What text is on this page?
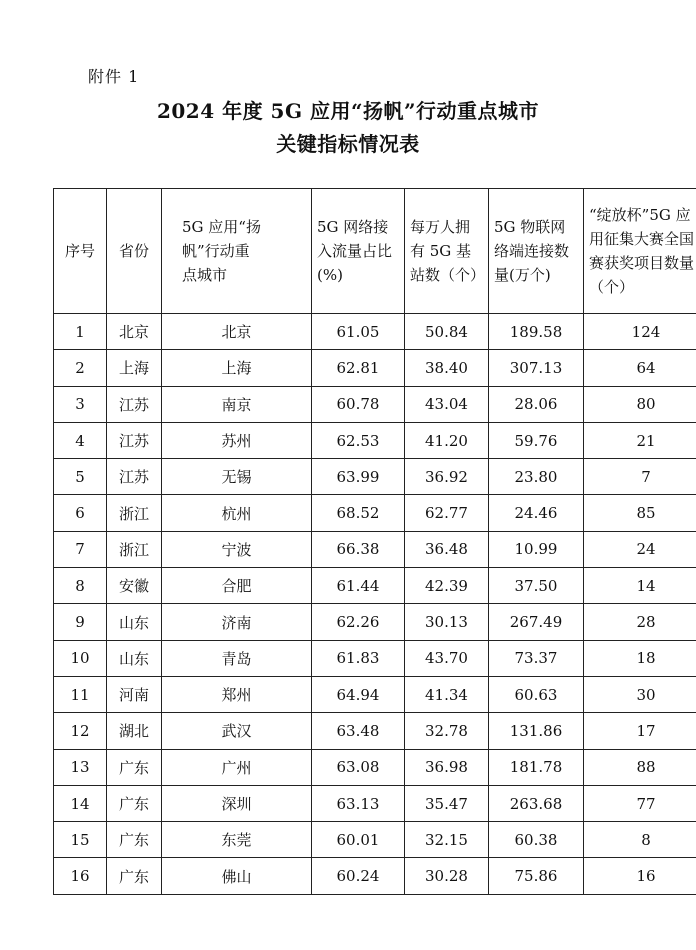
附件 1
2024 年度 5G 应用“扬帆”行动重点城市
关键指标情况表
序号	省份	5G 应用“扬帆”行动重点城市	5G 网络接入流量占比(%)	每万人拥有 5G 基站数（个）	5G 物联网络端连接数量(万个)	“绽放杯”5G 应用征集大赛全国赛获奖项目数量（个）
1	北京	北京	61.05	50.84	189.58	124
2	上海	上海	62.81	38.40	307.13	64
3	江苏	南京	60.78	43.04	28.06	80
4	江苏	苏州	62.53	41.20	59.76	21
5	江苏	无锡	63.99	36.92	23.80	7
6	浙江	杭州	68.52	62.77	24.46	85
7	浙江	宁波	66.38	36.48	10.99	24
8	安徽	合肥	61.44	42.39	37.50	14
9	山东	济南	62.26	30.13	267.49	28
10	山东	青岛	61.83	43.70	73.37	18
11	河南	郑州	64.94	41.34	60.63	30
12	湖北	武汉	63.48	32.78	131.86	17
13	广东	广州	63.08	36.98	181.78	88
14	广东	深圳	63.13	35.47	263.68	77
15	广东	东莞	60.01	32.15	60.38	8
16	广东	佛山	60.24	30.28	75.86	16
